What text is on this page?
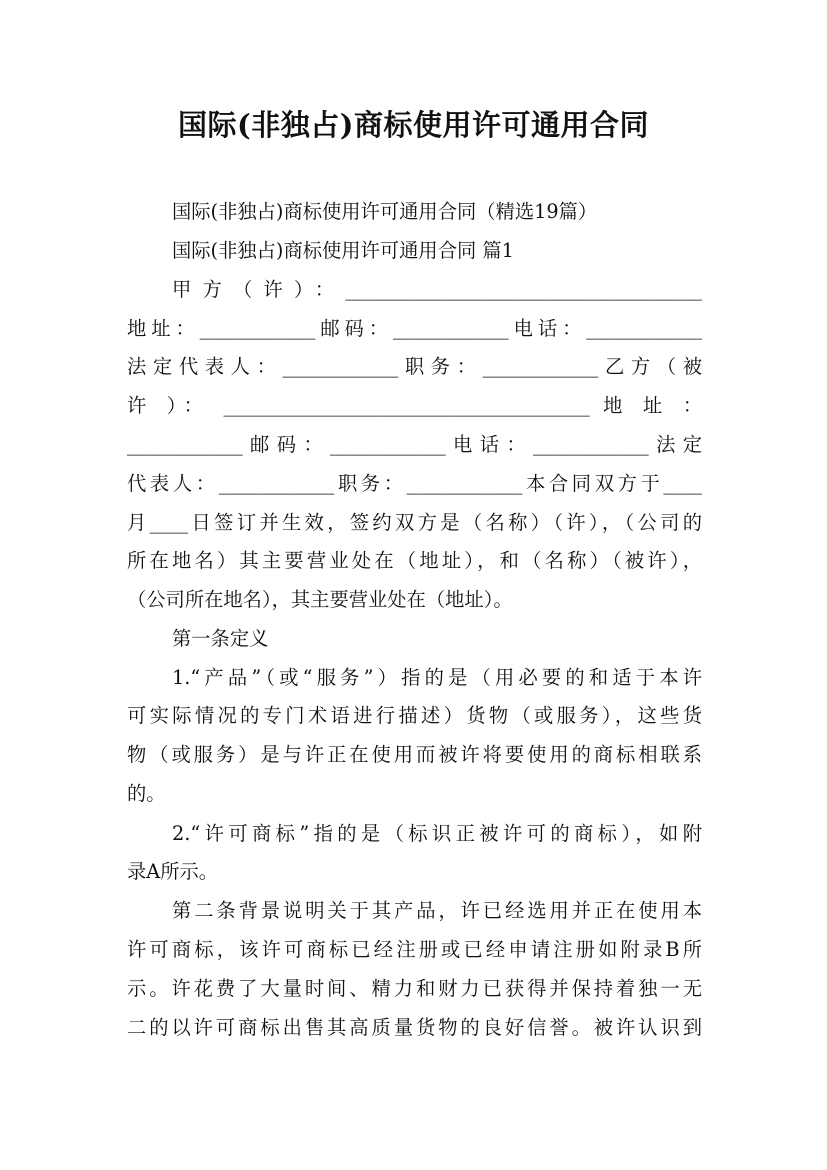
国际(非独占)商标使用许可通用合同
国际(非独占)商标使用许可通用合同（精选19篇）
国际(非独占)商标使用许可通用合同 篇1
甲方（许）：_____________________________________
地址：____________邮码：____________电话：____________
法定代表人：____________职务：____________乙方（被
许 ）： ______________________________________ 地 址 ：
____________邮码：____________电话：____________法定
代表人：____________职务：____________本合同双方于____
月____日签订并生效，签约双方是（名称）（许），（公司的
所在地名）其主要营业处在（地址），和（名称）（被许），
（公司所在地名），其主要营业处在（地址）。
第一条定义
1.“产品”（或“服务”）指的是（用必要的和适于本许
可实际情况的专门术语进行描述）货物（或服务），这些货
物（或服务）是与许正在使用而被许将要使用的商标相联系
的。
2.“许可商标”指的是（标识正被许可的商标），如附
录A所示。
第二条背景说明关于其产品，许已经选用并正在使用本
许可商标，该许可商标已经注册或已经申请注册如附录B所
示。许花费了大量时间、精力和财力已获得并保持着独一无
二的以许可商标出售其高质量货物的良好信誉。被许认识到
